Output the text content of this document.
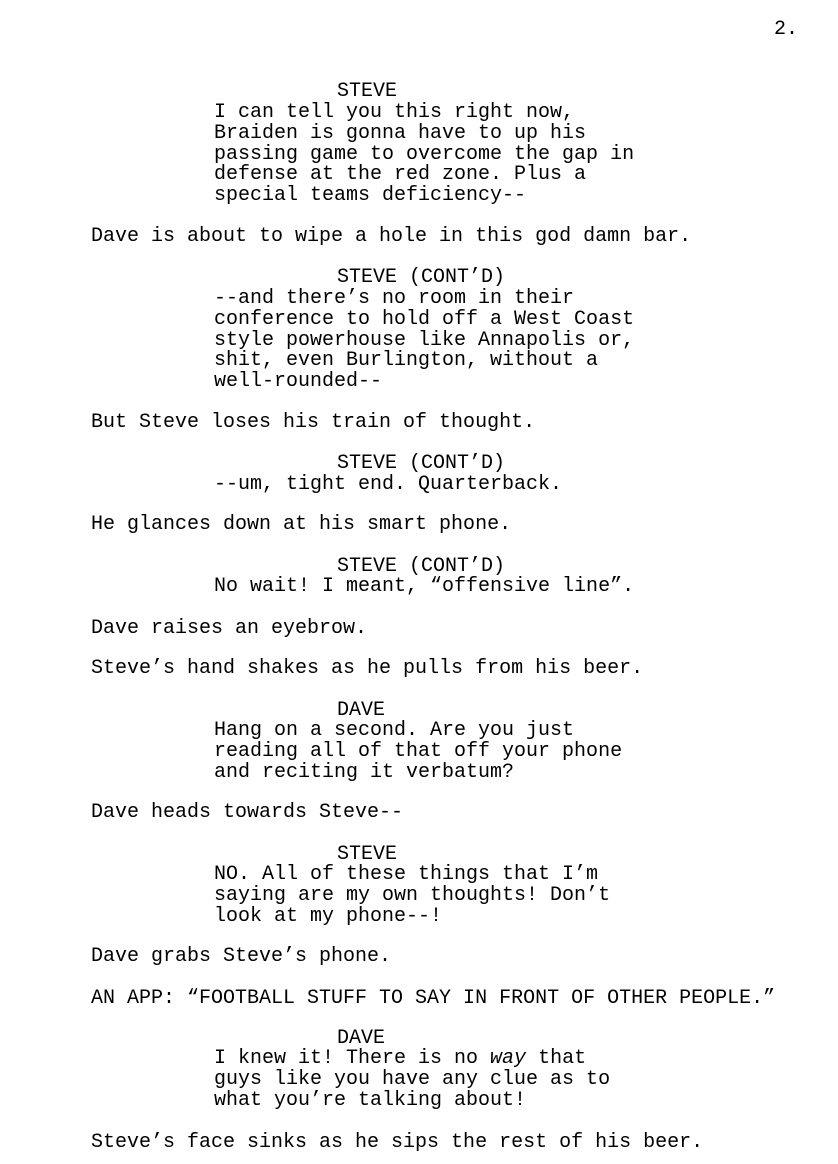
2.
STEVE
I can tell you this right now,
Braiden is gonna have to up his
passing game to overcome the gap in
defense at the red zone. Plus a
special teams deficiency--
Dave is about to wipe a hole in this god damn bar.
STEVE (CONT’D)
--and there’s no room in their
conference to hold off a West Coast
style powerhouse like Annapolis or,
shit, even Burlington, without a
well-rounded--
But Steve loses his train of thought.
STEVE (CONT’D)
--um, tight end. Quarterback.
He glances down at his smart phone.
STEVE (CONT’D)
No wait! I meant, “offensive line”.
Dave raises an eyebrow.
Steve’s hand shakes as he pulls from his beer.
DAVE
Hang on a second. Are you just
reading all of that off your phone
and reciting it verbatum?
Dave heads towards Steve--
STEVE
NO. All of these things that I’m
saying are my own thoughts! Don’t
look at my phone--!
Dave grabs Steve’s phone.
AN APP: “FOOTBALL STUFF TO SAY IN FRONT OF OTHER PEOPLE.”
DAVE
I knew it! There is no way that
guys like you have any clue as to
what you’re talking about!
Steve’s face sinks as he sips the rest of his beer.
